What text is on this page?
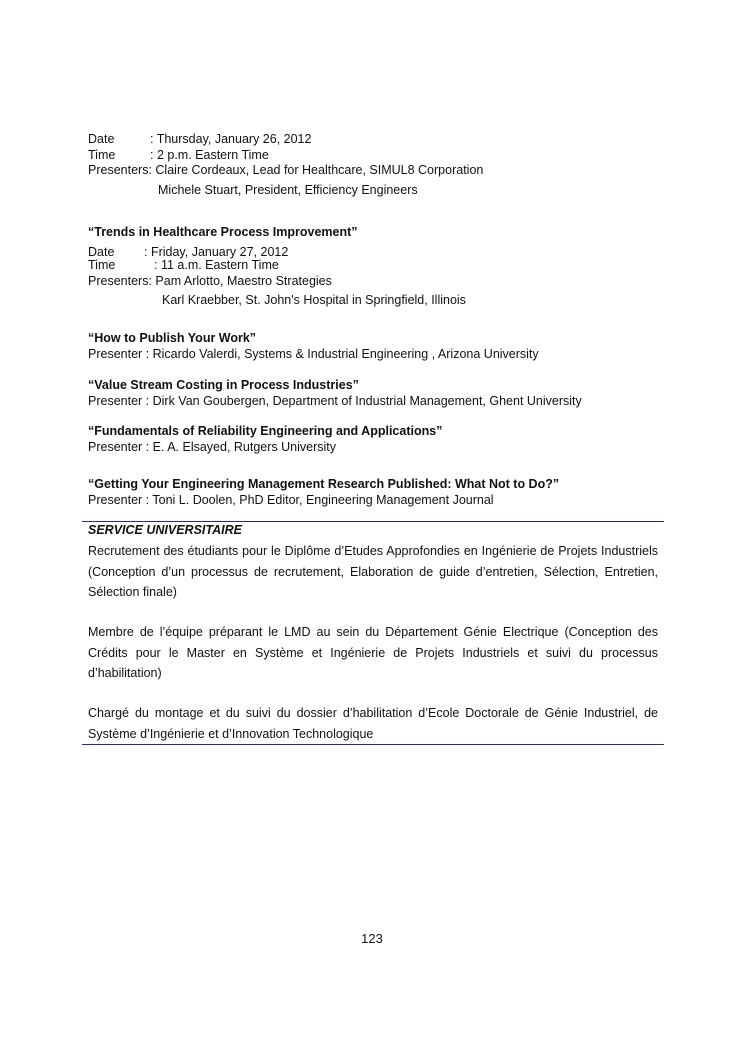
Date	: Thursday, January 26, 2012
Time	: 2 p.m. Eastern Time
Presenters: Claire Cordeaux, Lead for Healthcare, SIMUL8 Corporation
Michele Stuart, President, Efficiency Engineers
“Trends in Healthcare Process Improvement”
Date : Friday, January 27, 2012
Time	: 11 a.m. Eastern Time
Presenters: Pam Arlotto, Maestro Strategies
Karl Kraebber, St. John's Hospital in Springfield, Illinois
“How to Publish Your Work”
Presenter : Ricardo Valerdi, Systems & Industrial Engineering , Arizona University
“Value Stream Costing in Process Industries”
Presenter : Dirk Van Goubergen, Department of Industrial Management, Ghent University
“Fundamentals of Reliability Engineering and Applications”
Presenter : E. A. Elsayed, Rutgers University
“Getting Your Engineering Management Research Published: What Not to Do?”
Presenter : Toni L. Doolen, PhD Editor, Engineering Management Journal
SERVICE UNIVERSITAIRE
Recrutement des étudiants pour le Diplôme d’Etudes Approfondies en Ingénierie de Projets Industriels (Conception d’un processus de recrutement, Elaboration de guide d’entretien, Sélection, Entretien, Sélection finale)
Membre de l’équipe préparant le LMD au sein du Département Génie Electrique (Conception des Crédits pour le Master en Système et Ingénierie de Projets Industriels et suivi du processus d’habilitation)
Chargé du montage et du suivi du dossier d’habilitation d’Ecole Doctorale de Génie Industriel, de Système d’Ingénierie et d’Innovation Technologique
123
